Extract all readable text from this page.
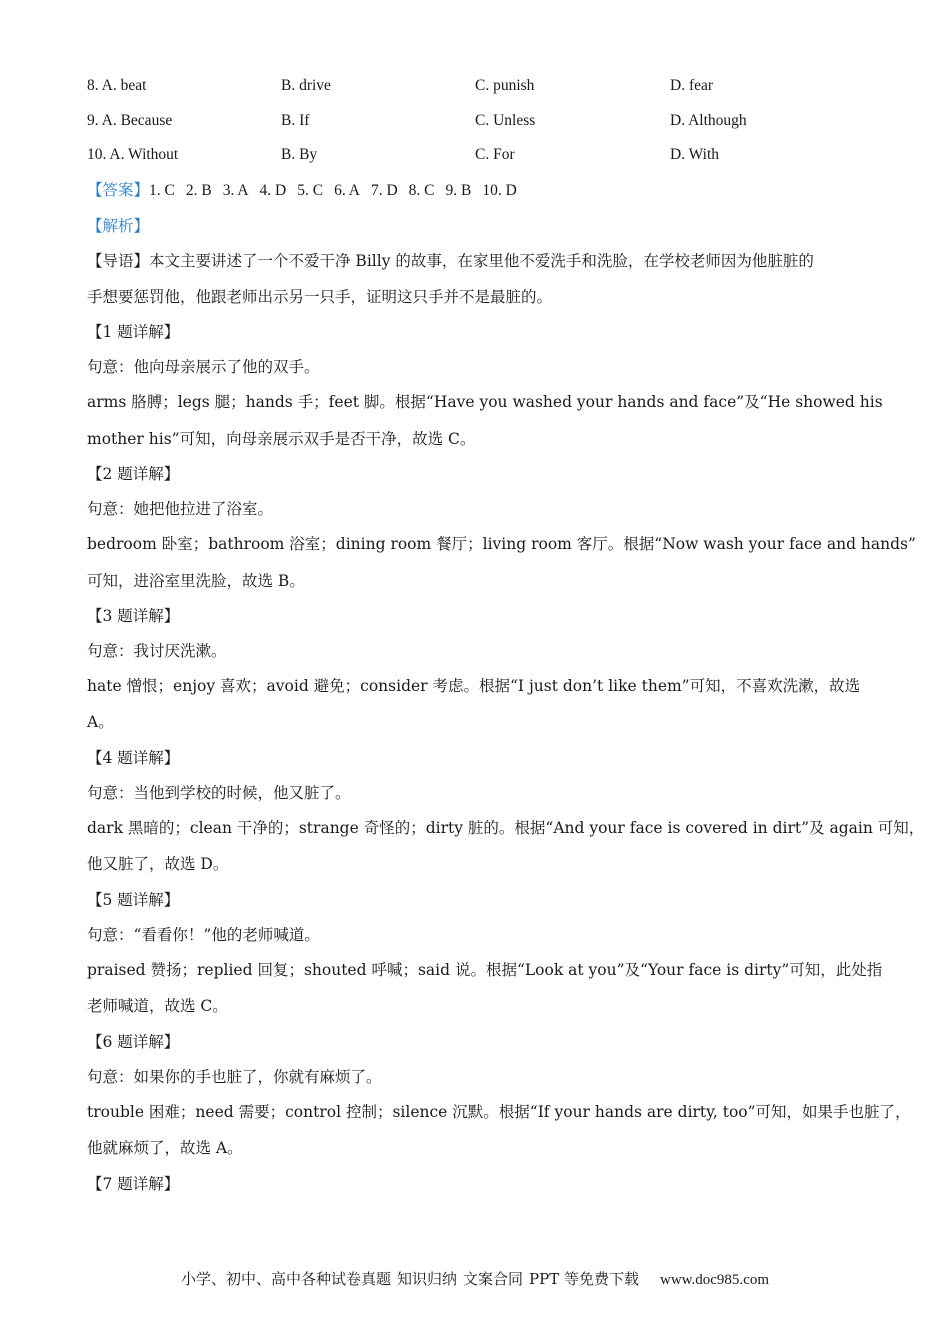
8. A. beat	B. drive	C. punish	D. fear
9. A. Because	B. If	C. Unless	D. Although
10. A. Without	B. By	C. For	D. With
【答案】1. C 2. B 3. A 4. D 5. C 6. A 7. D 8. C 9. B 10. D
【解析】
【导语】本文主要讲述了一个不爱干净 Billy 的故事，在家里他不爱洗手和洗脸，在学校老师因为他脏脏的
手想要惩罚他，他跟老师出示另一只手，证明这只手并不是最脏的。
【1 题详解】
句意：他向母亲展示了他的双手。
arms 胳膊；legs 腿；hands 手；feet 脚。根据“Have you washed your hands and face”及“He showed his
mother his”可知，向母亲展示双手是否干净，故选 C。
【2 题详解】
句意：她把他拉进了浴室。
bedroom 卧室；bathroom 浴室；dining room 餐厅；living room 客厅。根据“Now wash your face and hands”
可知，进浴室里洗脸，故选 B。
【3 题详解】
句意：我讨厌洗漱。
hate 憎恨；enjoy 喜欢；avoid 避免；consider 考虑。根据“I just don’t like them”可知，不喜欢洗漱，故选
A。
【4 题详解】
句意：当他到学校的时候，他又脏了。
dark 黑暗的；clean 干净的；strange 奇怪的；dirty 脏的。根据“And your face is covered in dirt”及 again 可知，
他又脏了，故选 D。
【5 题详解】
句意：“看看你！”他的老师喊道。
praised 赞扬；replied 回复；shouted 呼喊；said 说。根据“Look at you”及“Your face is dirty”可知，此处指
老师喊道，故选 C。
【6 题详解】
句意：如果你的手也脏了，你就有麻烦了。
trouble 困难；need 需要；control 控制；silence 沉默。根据“If your hands are dirty, too”可知，如果手也脏了，
他就麻烦了，故选 A。
【7 题详解】
小学、初中、高中各种试卷真题 知识归纳 文案合同 PPT 等免费下载 www.doc985.com
